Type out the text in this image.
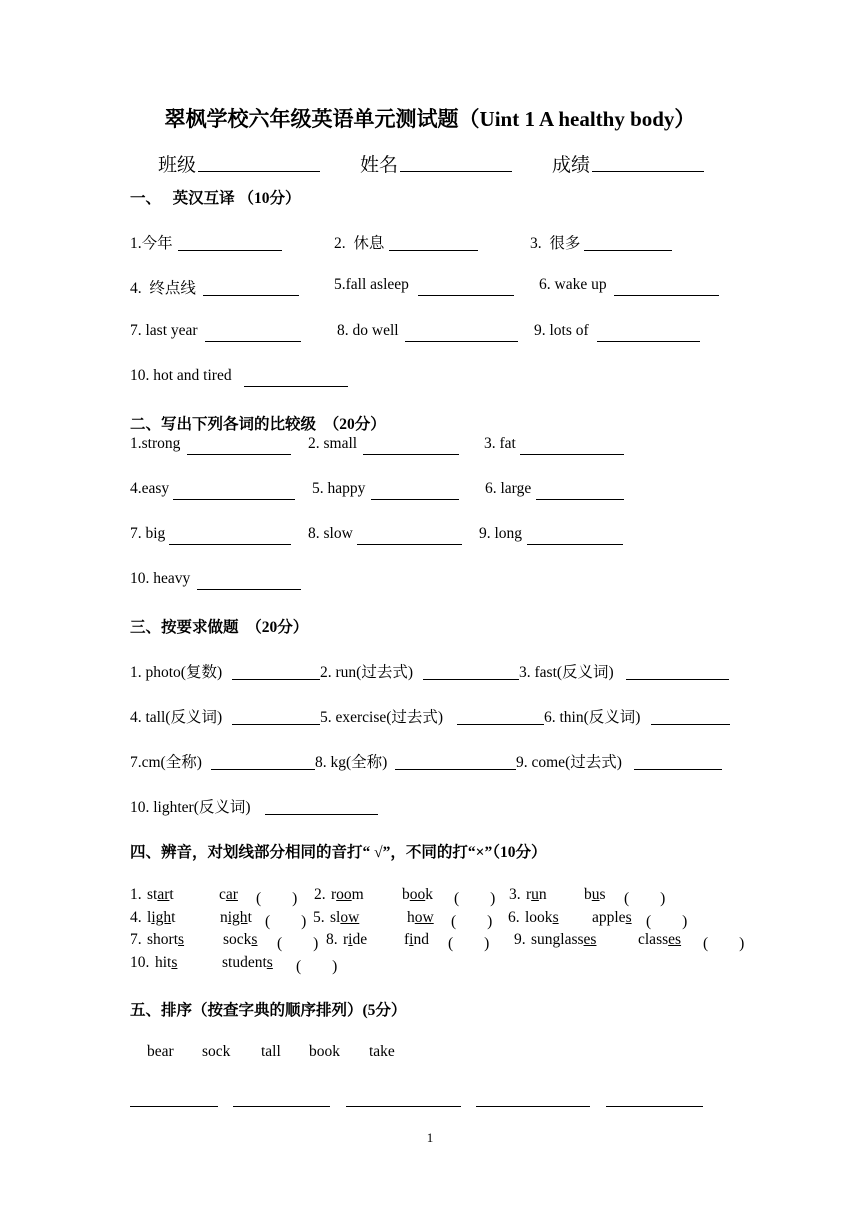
翠枫学校六年级英语单元测试题（Uint 1 A healthy body）
班级	姓名	成绩
一、　 英汉互译 （10分）
1.今年	2.  休息	3.  很多
4.  终点线	5.fall asleep	6. wake up
7. last year	8. do well	9. lots of
10. hot and tired
二、写出下列各词的比较级　（20分）
1.strong	2. small	3. fat
4.easy	5. happy	6. large
7. big	8. slow	9. long
10. heavy
三、按要求做题　（20分）
1. photo(复数)	2. run(过去式)	3. fast(反义词)
4. tall(反义词)	5. exercise(过去式)	6. thin(反义词)
7.cm(全称)	8. kg(全称)	9. come(过去式)
10. lighter(反义词)
四、辨音，对划线部分相同的音打“ √”，不同的打“×”（10分）
1. start	car (　　) 2. room book (　　) 3. run bus (　　)
4. light	night (　　) 5. slow	how (　　) 6. looks apples (　　)
7. shorts	socks (　　) 8. ride find (　　) 9. sunglasses	classes (　　)
10. hits	students (　　)
五、排序（按查字典的顺序排列）(5分）
bear sock tall book take
1
